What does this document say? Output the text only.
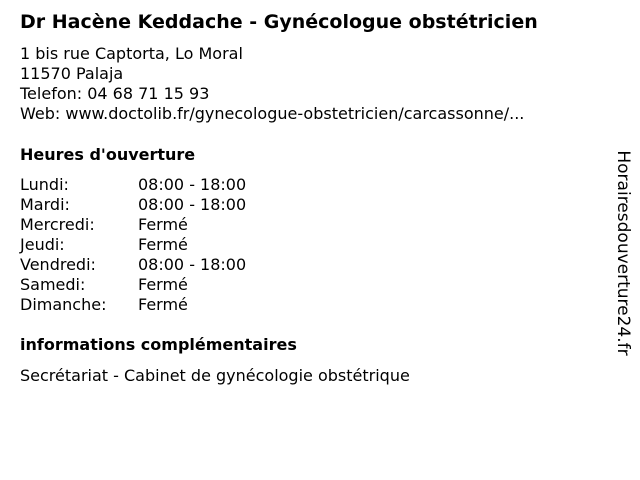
Dr Hacène Keddache - Gynécologue obstétricien
1 bis rue Captorta, Lo Moral
11570 Palaja
Telefon: 04 68 71 15 93
Web: www.doctolib.fr/gynecologue-obstetricien/carcassonne/...
Heures d'ouverture
Lundi:	08:00 - 18:00
Mardi:	08:00 - 18:00
Mercredi:	Fermé
Jeudi:	Fermé
Vendredi:	08:00 - 18:00
Samedi:	Fermé
Dimanche:	Fermé
informations complémentaires
Secrétariat - Cabinet de gynécologie obstétrique
Horairesdouverture24.fr
